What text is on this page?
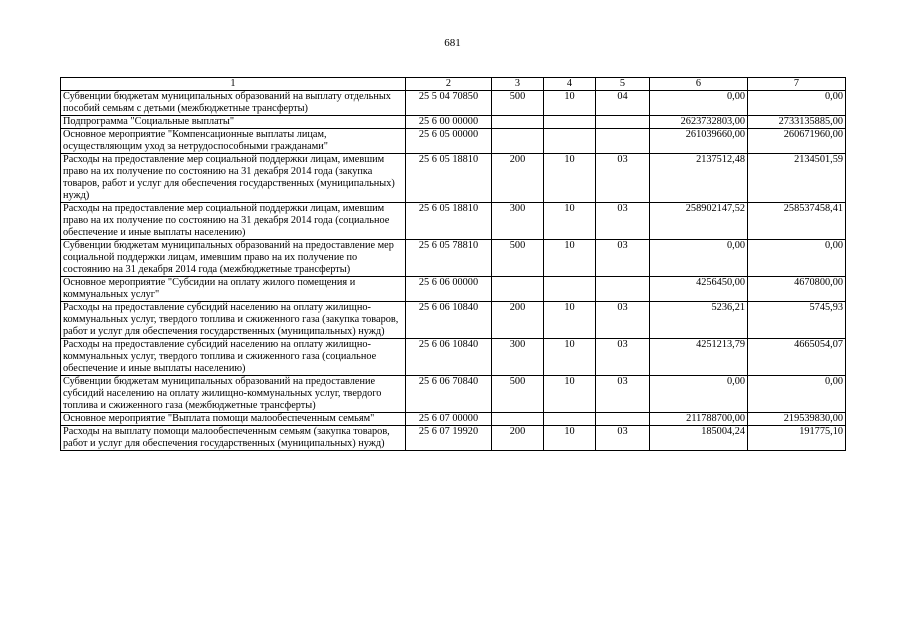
681
1	2	3	4	5	6	7
Субвенции бюджетам муниципальных образований на выплату отдельных пособий семьям с детьми (межбюджетные трансферты)	25 5 04 70850	500	10	04	0,00	0,00
Подпрограмма "Социальные выплаты"	25 6 00 00000				2623732803,00	2733135885,00
Основное мероприятие "Компенсационные выплаты лицам, осуществляющим уход за нетрудоспособными гражданами"	25 6 05 00000				261039660,00	260671960,00
Расходы на предоставление мер социальной поддержки лицам, имевшим право на их получение по состоянию на 31 декабря 2014 года (закупка товаров, работ и услуг для обеспечения государственных (муниципальных) нужд)	25 6 05 18810	200	10	03	2137512,48	2134501,59
Расходы на предоставление мер социальной поддержки лицам, имевшим право на их получение по состоянию на 31 декабря 2014 года (социальное обеспечение и иные выплаты населению)	25 6 05 18810	300	10	03	258902147,52	258537458,41
Субвенции бюджетам муниципальных образований на предоставление мер социальной поддержки лицам, имевшим право на их получение по состоянию на 31 декабря 2014 года (межбюджетные трансферты)	25 6 05 78810	500	10	03	0,00	0,00
Основное мероприятие "Субсидии на оплату жилого помещения и коммунальных услуг"	25 6 06 00000				4256450,00	4670800,00
Расходы на предоставление субсидий населению на оплату жилищно-коммунальных услуг, твердого топлива и сжиженного газа (закупка товаров, работ и услуг для обеспечения государственных (муниципальных) нужд)	25 6 06 10840	200	10	03	5236,21	5745,93
Расходы на предоставление субсидий населению на оплату жилищно-коммунальных услуг, твердого топлива и сжиженного газа (социальное обеспечение и иные выплаты населению)	25 6 06 10840	300	10	03	4251213,79	4665054,07
Субвенции бюджетам муниципальных образований на предоставление субсидий населению на оплату жилищно-коммунальных услуг, твердого топлива и сжиженного газа (межбюджетные трансферты)	25 6 06 70840	500	10	03	0,00	0,00
Основное мероприятие "Выплата помощи малообеспеченным семьям"	25 6 07 00000				211788700,00	219539830,00
Расходы на выплату помощи малообеспеченным семьям (закупка товаров, работ и услуг для обеспечения государственных (муниципальных) нужд)	25 6 07 19920	200	10	03	185004,24	191775,10
